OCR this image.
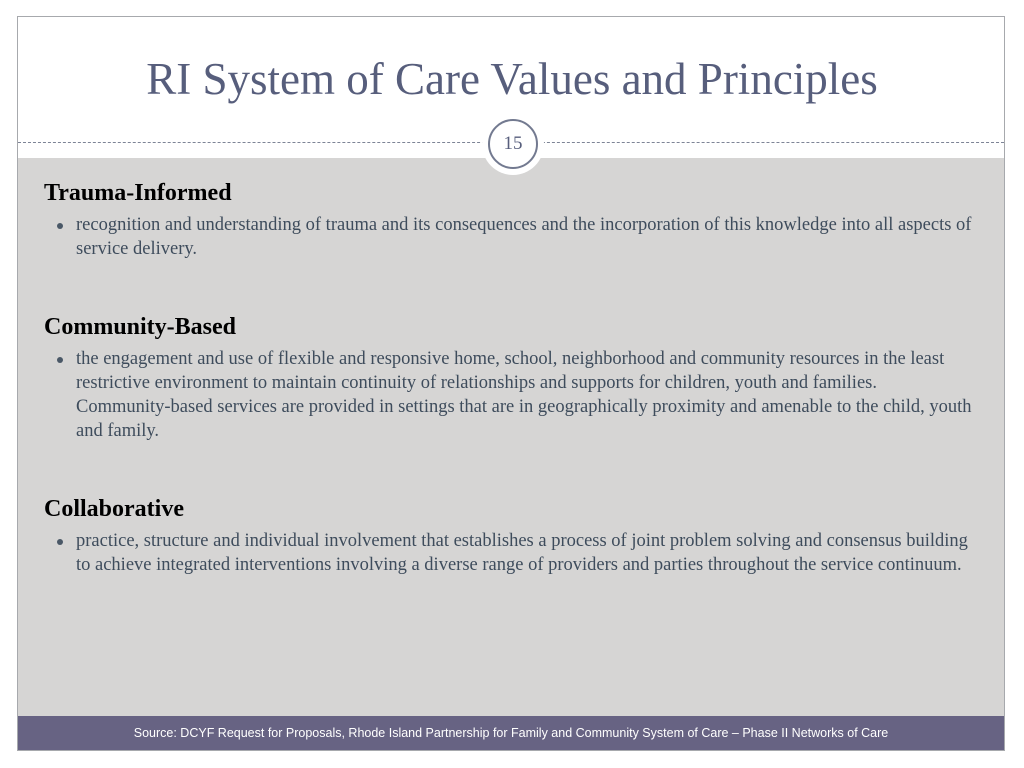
RI System of Care Values and Principles
Trauma-Informed
recognition and understanding of trauma and its consequences and the incorporation of this knowledge into all aspects of service delivery.
Community-Based
the engagement and use of flexible and responsive home, school, neighborhood and community resources in the least restrictive environment to maintain continuity of relationships and supports for children, youth and families. Community-based services are provided in settings that are in geographically proximity and amenable to the child, youth and family.
Collaborative
practice, structure and individual involvement that establishes a process of joint problem solving and consensus building to achieve integrated interventions involving a diverse range of providers and parties throughout the service continuum.
15
Source: DCYF Request for Proposals, Rhode Island Partnership for Family and Community System of Care – Phase II Networks of Care
